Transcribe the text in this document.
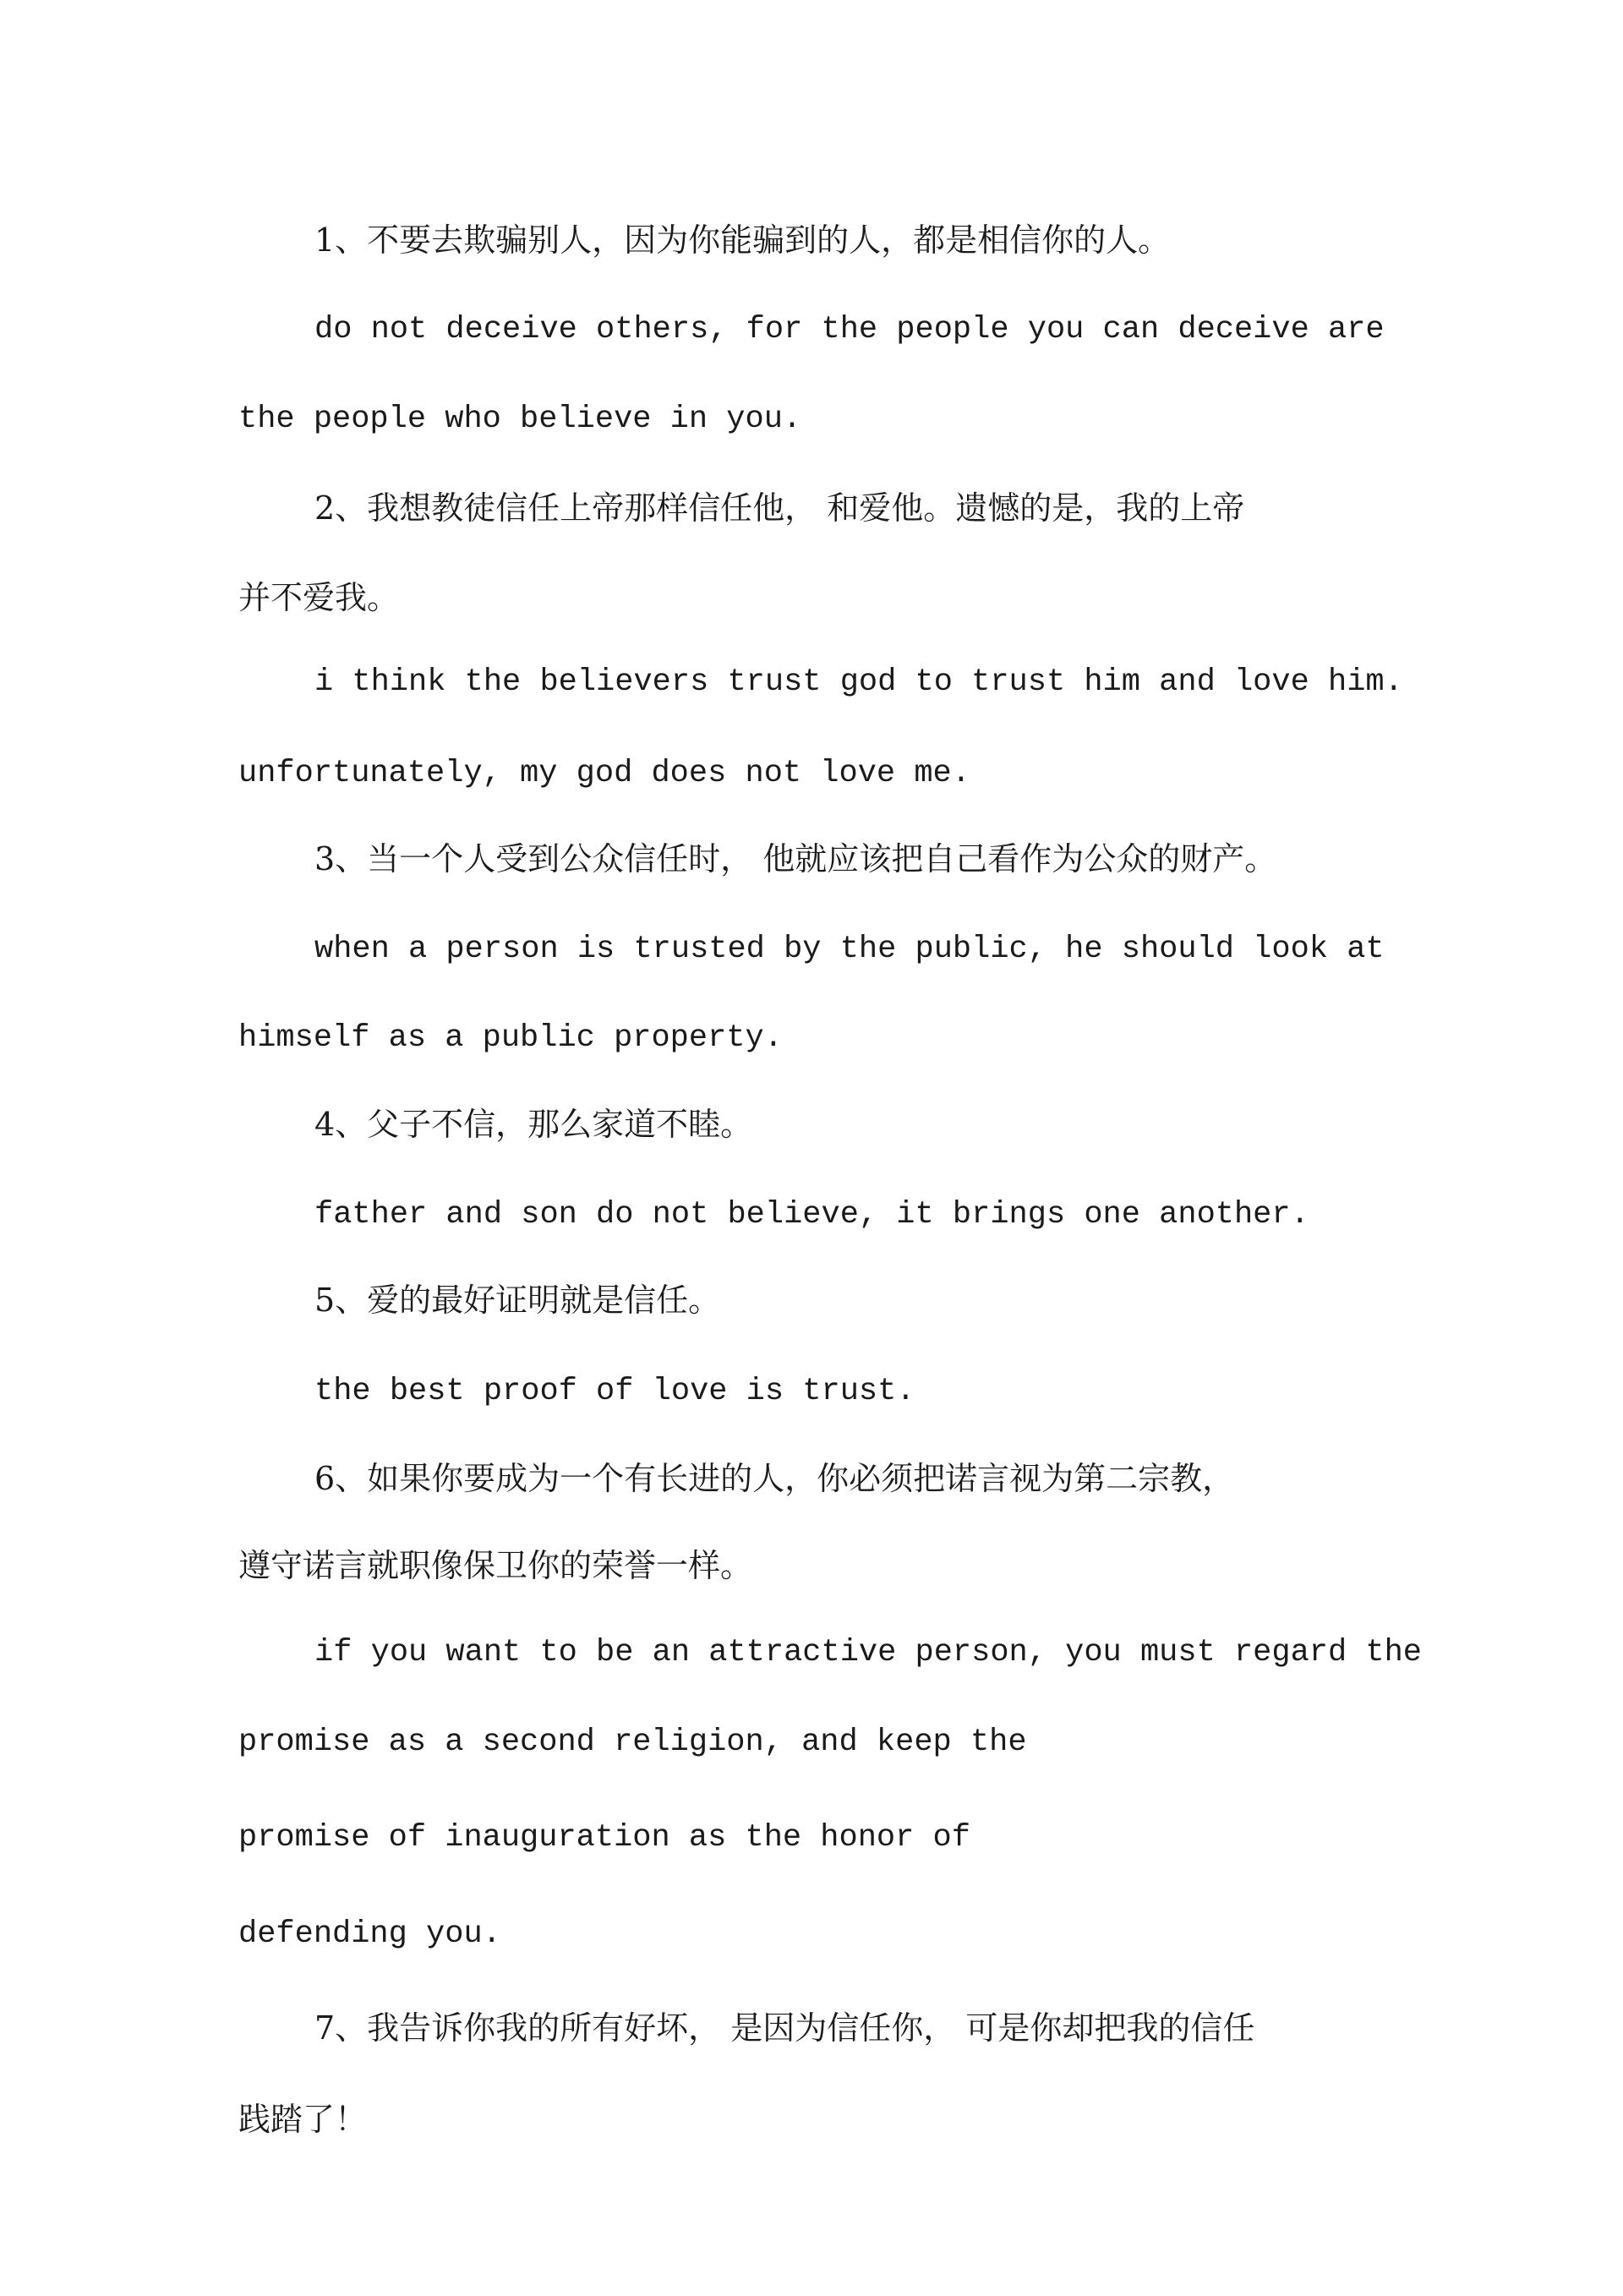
1、不要去欺骗别人，因为你能骗到的人，都是相信你的人。
do not deceive others, for the people you can deceive are
the people who believe in you.
2、我想教徒信任上帝那样信任他， 和爱他。遗憾的是，我的上帝
并不爱我。
i think the believers trust god to trust him and love him.
unfortunately, my god does not love me.
3、当一个人受到公众信任时， 他就应该把自己看作为公众的财产。
when a person is trusted by the public, he should look at
himself as a public property.
4、父子不信，那么家道不睦。
father and son do not believe, it brings one another.
5、爱的最好证明就是信任。
the best proof of love is trust.
6、如果你要成为一个有长进的人，你必须把诺言视为第二宗教，
遵守诺言就职像保卫你的荣誉一样。
if you want to be an attractive person, you must regard the
promise as a second religion, and keep the
promise of inauguration as the honor of
defending you.
7、我告诉你我的所有好坏， 是因为信任你， 可是你却把我的信任
践踏了！
